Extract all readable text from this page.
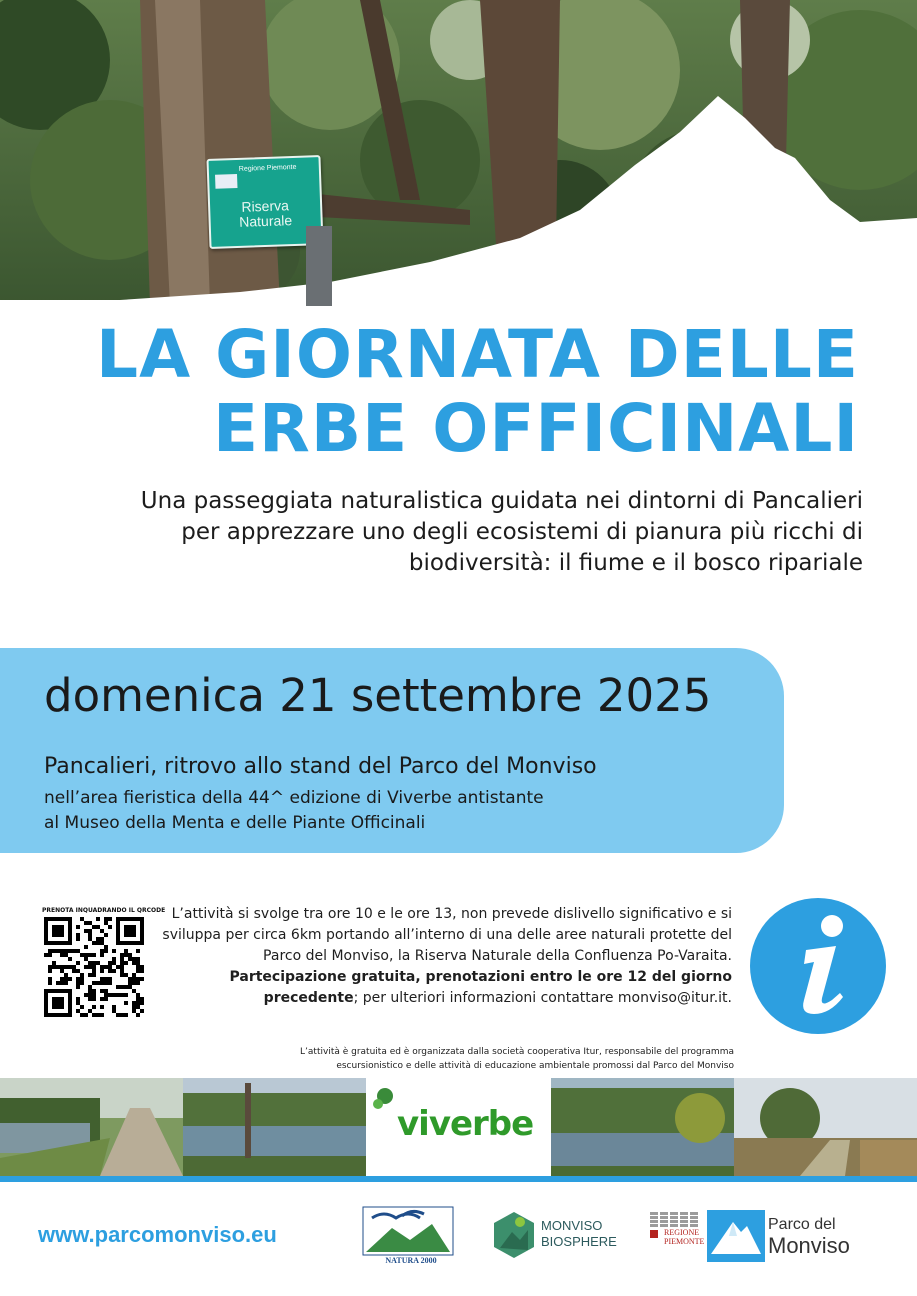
Regione Piemonte
Riserva Naturale
LA GIORNATA DELLE
ERBE OFFICINALI
Una passeggiata naturalistica guidata nei dintorni di Pancalieri
per apprezzare uno degli ecosistemi di pianura più ricchi di
biodiversità: il fiume e il bosco ripariale
domenica 21 settembre 2025
Pancalieri, ritrovo allo stand del Parco del Monviso
nell’area fieristica della 44^ edizione di Viverbe antistante
al Museo della Menta e delle Piante Officinali
PRENOTA INQUADRANDO IL QRCODE L’attività si svolge tra ore 10 e le ore 13, non prevede dislivello significativo e si
sviluppa per circa 6km portando all’interno di una delle aree naturali protette del
Parco del Monviso, la Riserva Naturale della Confluenza Po-Varaita.
Partecipazione gratuita, prenotazioni entro le ore 12 del giorno
precedente; per ulteriori informazioni contattare monviso@itur.it.
L’attività è gratuita ed è organizzata dalla società cooperativa Itur, responsabile del programma
escursionistico e delle attività di educazione ambientale promossi dal Parco del Monviso
viverbe
www.parcomonviso.eu
NATURA 2000
MONVISO
BIOSPHERE
REGIONE
PIEMONTE
Parco del
Monviso
